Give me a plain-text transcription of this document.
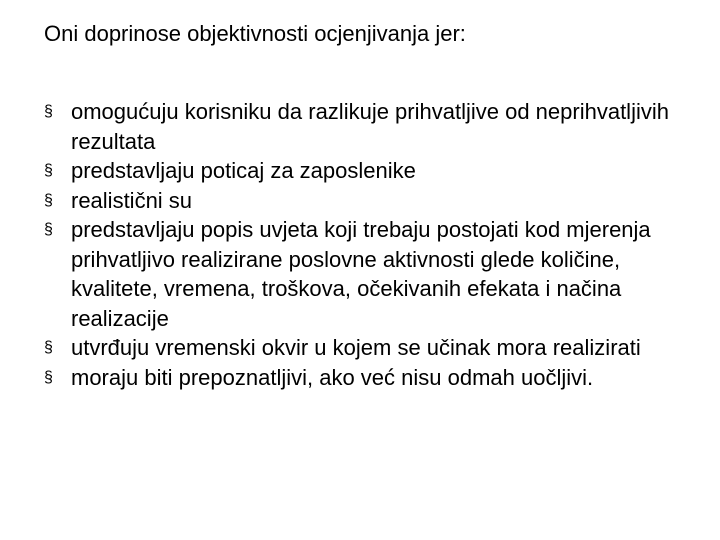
Oni doprinose objektivnosti ocjenjivanja jer:
§ omogućuju korisniku da razlikuje prihvatljive od neprihvatljivih rezultata
§ predstavljaju poticaj za zaposlenike
§ realistični su
§ predstavljaju popis uvjeta koji trebaju postojati kod mjerenja prihvatljivo realizirane poslovne aktivnosti glede količine, kvalitete, vremena, troškova, očekivanih efekata i načina realizacije
§ utvrđuju vremenski okvir u kojem se učinak mora realizirati
§ moraju biti prepoznatljivi, ako već nisu odmah uočljivi.
